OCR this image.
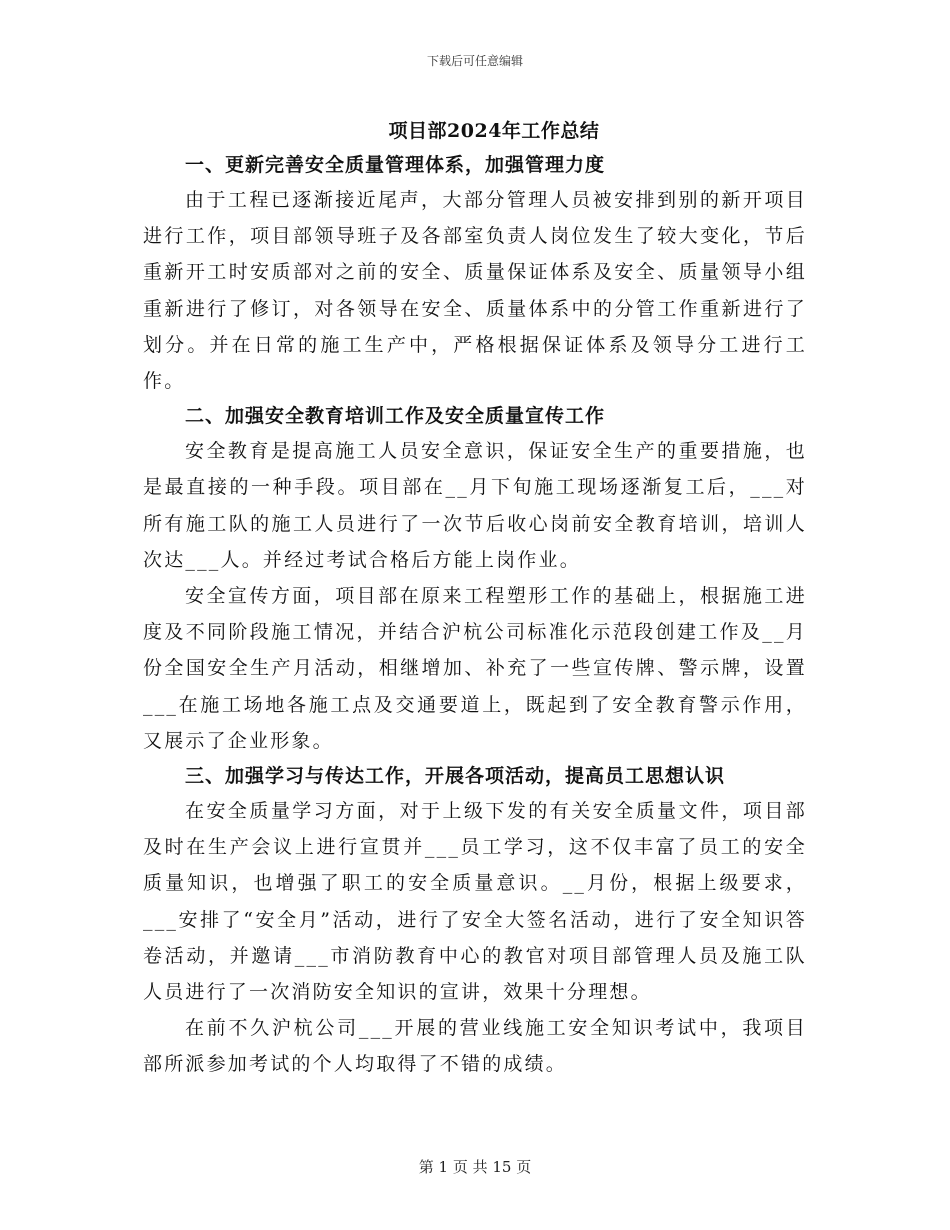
下载后可任意编辑
项目部2024年工作总结
一、更新完善安全质量管理体系，加强管理力度

由于工程已逐渐接近尾声，大部分管理人员被安排到别的新开项目进行工作，项目部领导班子及各部室负责人岗位发生了较大变化，节后重新开工时安质部对之前的安全、质量保证体系及安全、质量领导小组重新进行了修订，对各领导在安全、质量体系中的分管工作重新进行了划分。并在日常的施工生产中，严格根据保证体系及领导分工进行工作。

二、加强安全教育培训工作及安全质量宣传工作

安全教育是提高施工人员安全意识，保证安全生产的重要措施，也是最直接的一种手段。项目部在__月下旬施工现场逐渐复工后，___对所有施工队的施工人员进行了一次节后收心岗前安全教育培训，培训人次达___人。并经过考试合格后方能上岗作业。

安全宣传方面，项目部在原来工程塑形工作的基础上，根据施工进度及不同阶段施工情况，并结合沪杭公司标准化示范段创建工作及__月份全国安全生产月活动，相继增加、补充了一些宣传牌、警示牌，设置___在施工场地各施工点及交通要道上，既起到了安全教育警示作用，又展示了企业形象。

三、加强学习与传达工作，开展各项活动，提高员工思想认识

在安全质量学习方面，对于上级下发的有关安全质量文件，项目部及时在生产会议上进行宣贯并___员工学习，这不仅丰富了员工的安全质量知识，也增强了职工的安全质量意识。__月份，根据上级要求，___安排了“安全月”活动，进行了安全大签名活动，进行了安全知识答卷活动，并邀请___市消防教育中心的教官对项目部管理人员及施工队人员进行了一次消防安全知识的宣讲，效果十分理想。

在前不久沪杭公司___开展的营业线施工安全知识考试中，我项目部所派参加考试的个人均取得了不错的成绩。

第 1 页 共 15 页
